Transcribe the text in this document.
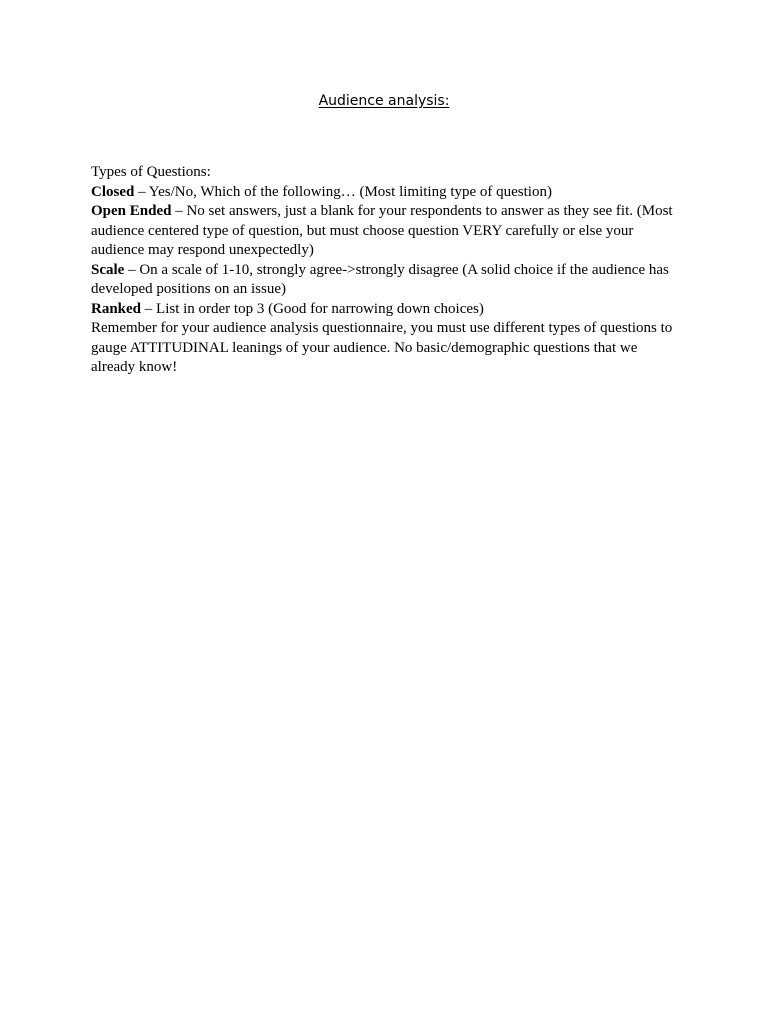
Audience analysis:

Types of Questions:

Closed – Yes/No, Which of the following… (Most limiting type of question)

Open Ended – No set answers, just a blank for your respondents to answer as they see fit. (Most audience centered type of question, but must choose question VERY carefully or else your audience may respond unexpectedly)

Scale – On a scale of 1-10, strongly agree->strongly disagree (A solid choice if the audience has developed positions on an issue)

Ranked – List in order top 3 (Good for narrowing down choices)

Remember for your audience analysis questionnaire, you must use different types of questions to gauge ATTITUDINAL leanings of your audience. No basic/demographic questions that we already know!
